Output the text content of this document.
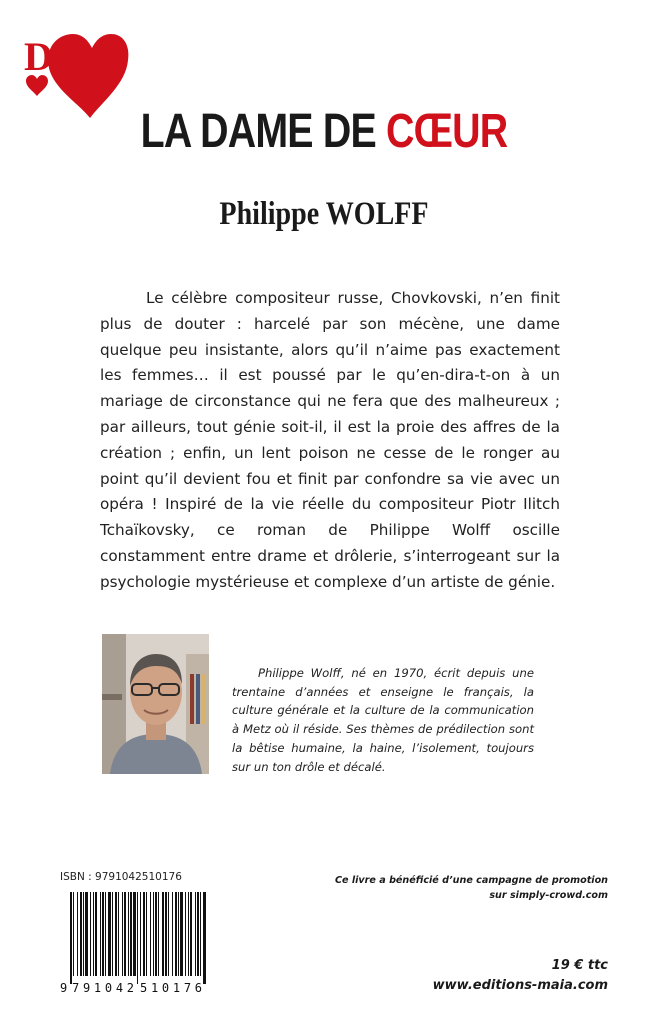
D
LA DAME DE CŒUR
Philippe WOLFF

Le célèbre compositeur russe, Chovkovski, n’en finit plus de douter : harcelé par son mécène, une dame quelque peu insistante, alors qu’il n’aime pas exactement les femmes… il est poussé par le qu’en-dira-t-on à un mariage de circonstance qui ne fera que des malheureux ; par ailleurs, tout génie soit-il, il est la proie des affres de la création ; enfin, un lent poison ne cesse de le ronger au point qu’il devient fou et finit par confondre sa vie avec un opéra ! Inspiré de la vie réelle du compositeur Piotr Ilitch Tchaïkovsky, ce roman de Philippe Wolff oscille constamment entre drame et drôlerie, s’interrogeant sur la psychologie mystérieuse et complexe d’un artiste de génie.

Philippe Wolff, né en 1970, écrit depuis une trentaine d’années et enseigne le français, la culture générale et la culture de la communication à Metz où il réside. Ses thèmes de prédilection sont la bêtise humaine, la haine, l’isolement, toujours sur un ton drôle et décalé.

ISBN : 9791042510176
9 791042 510176
Ce livre a bénéficié d’une campagne de promotion
sur simply-crowd.com
19 € ttc
www.editions-maia.com
